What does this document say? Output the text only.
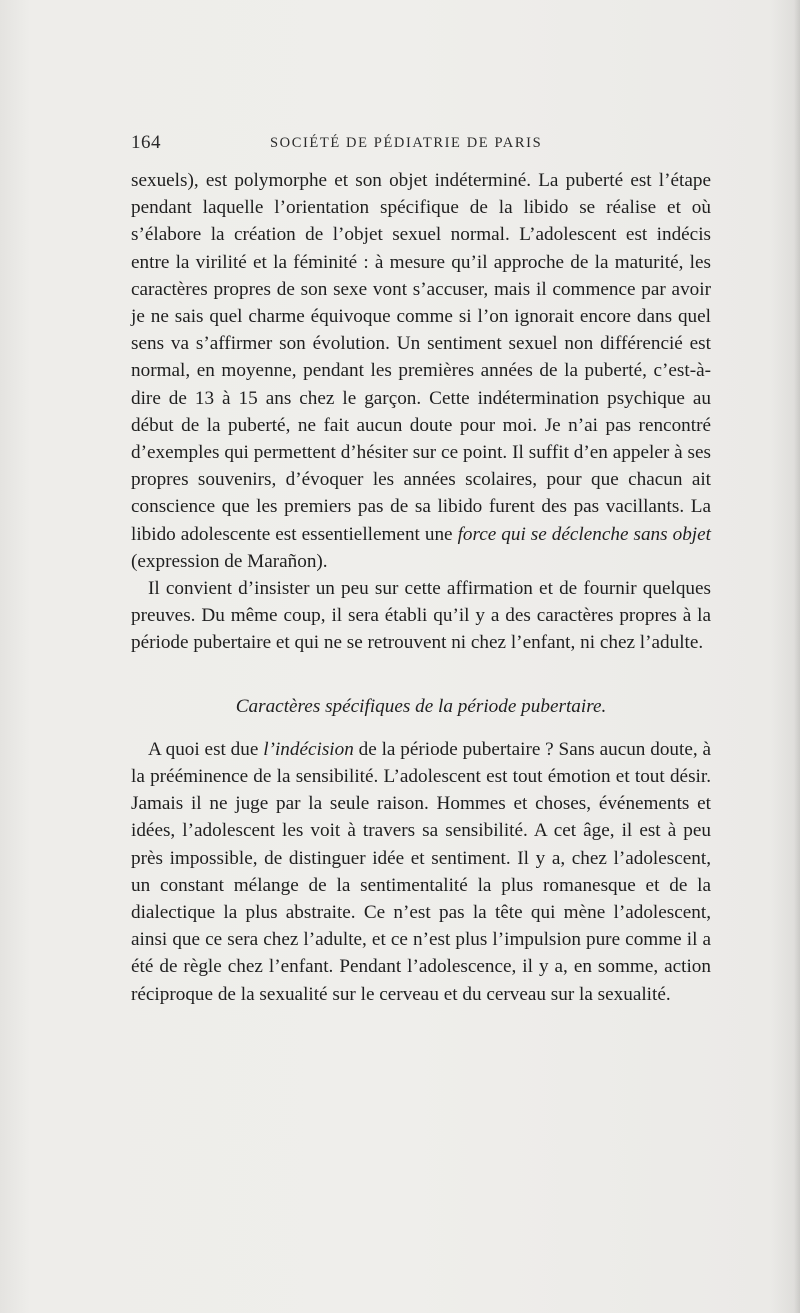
164	SOCIÉTÉ DE PÉDIATRIE DE PARIS

sexuels), est polymorphe et son objet indéterminé. La puberté est l’étape pendant laquelle l’orientation spécifique de la libido se réalise et où s’élabore la création de l’objet sexuel normal. L’adolescent est indécis entre la virilité et la féminité : à mesure qu’il approche de la maturité, les caractères propres de son sexe vont s’accuser, mais il commence par avoir je ne sais quel charme équivoque comme si l’on ignorait encore dans quel sens va s’affirmer son évolution. Un sentiment sexuel non différencié est normal, en moyenne, pendant les premières années de la puberté, c’est-à-dire de 13 à 15 ans chez le garçon. Cette indétermination psychique au début de la puberté, ne fait aucun doute pour moi. Je n’ai pas rencontré d’exemples qui permettent d’hésiter sur ce point. Il suffit d’en appeler à ses propres souvenirs, d’évoquer les années scolaires, pour que chacun ait conscience que les premiers pas de sa libido furent des pas vacillants. La libido adolescente est essentiellement une force qui se déclenche sans objet (expression de Marañon).

Il convient d’insister un peu sur cette affirmation et de fournir quelques preuves. Du même coup, il sera établi qu’il y a des caractères propres à la période pubertaire et qui ne se retrouvent ni chez l’enfant, ni chez l’adulte.

Caractères spécifiques de la période pubertaire.

A quoi est due l’indécision de la période pubertaire ? Sans aucun doute, à la prééminence de la sensibilité. L’adolescent est tout émotion et tout désir. Jamais il ne juge par la seule raison. Hommes et choses, événements et idées, l’adolescent les voit à travers sa sensibilité. A cet âge, il est à peu près impossible, de distinguer idée et sentiment. Il y a, chez l’adolescent, un constant mélange de la sentimentalité la plus romanesque et de la dialectique la plus abstraite. Ce n’est pas la tête qui mène l’adolescent, ainsi que ce sera chez l’adulte, et ce n’est plus l’impulsion pure comme il a été de règle chez l’enfant. Pendant l’adolescence, il y a, en somme, action réciproque de la sexualité sur le cerveau et du cerveau sur la sexualité.
